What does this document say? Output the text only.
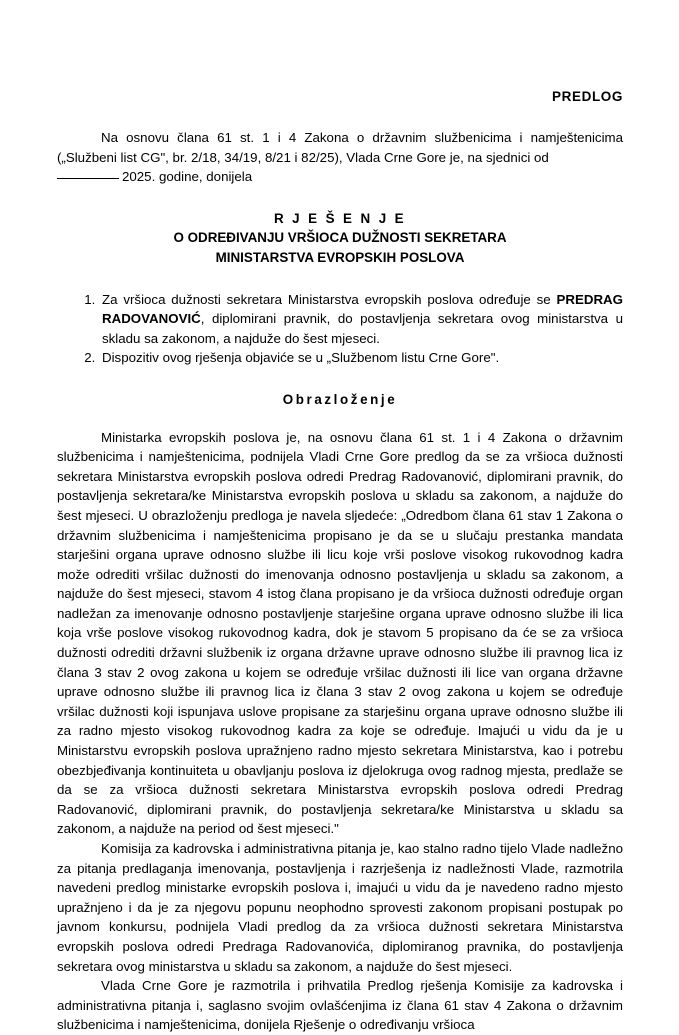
PREDLOG

Na osnovu člana 61 st. 1 i 4 Zakona o državnim službenicima i namještenicima („Službeni list CG", br. 2/18, 34/19, 8/21 i 82/25), Vlada Crne Gore je, na sjednici od
2025. godine, donijela

R J E Š E N J E
O ODREĐIVANJU VRŠIOCA DUŽNOSTI SEKRETARA
MINISTARSTVA EVROPSKIH POSLOVA
1. Za vršioca dužnosti sekretara Ministarstva evropskih poslova određuje se PREDRAG RADOVANOVIĆ, diplomirani pravnik, do postavljenja sekretara ovog ministarstva u skladu sa zakonom, a najduže do šest mjeseci.
2. Dispozitiv ovog rješenja objaviće se u „Službenom listu Crne Gore".
Obrazloženje

Ministarka evropskih poslova je, na osnovu člana 61 st. 1 i 4 Zakona o državnim službenicima i namještenicima, podnijela Vladi Crne Gore predlog da se za vršioca dužnosti sekretara Ministarstva evropskih poslova odredi Predrag Radovanović, diplomirani pravnik, do postavljenja sekretara/ke Ministarstva evropskih poslova u skladu sa zakonom, a najduže do šest mjeseci. U obrazloženju predloga je navela sljedeće: „Odredbom člana 61 stav 1 Zakona o državnim službenicima i namještenicima propisano je da se u slučaju prestanka mandata starješini organa uprave odnosno službe ili licu koje vrši poslove visokog rukovodnog kadra može odrediti vršilac dužnosti do imenovanja odnosno postavljenja u skladu sa zakonom, a najduže do šest mjeseci, stavom 4 istog člana propisano je da vršioca dužnosti određuje organ nadležan za imenovanje odnosno postavljenje starješine organa uprave odnosno službe ili lica koja vrše poslove visokog rukovodnog kadra, dok je stavom 5 propisano da će se za vršioca dužnosti odrediti državni službenik iz organa državne uprave odnosno službe ili pravnog lica iz člana 3 stav 2 ovog zakona u kojem se određuje vršilac dužnosti ili lice van organa državne uprave odnosno službe ili pravnog lica iz člana 3 stav 2 ovog zakona u kojem se određuje vršilac dužnosti koji ispunjava uslove propisane za starješinu organa uprave odnosno službe ili za radno mjesto visokog rukovodnog kadra za koje se određuje. Imajući u vidu da je u Ministarstvu evropskih poslova upražnjeno radno mjesto sekretara Ministarstva, kao i potrebu obezbjeđivanja kontinuiteta u obavljanju poslova iz djelokruga ovog radnog mjesta, predlaže se da se za vršioca dužnosti sekretara Ministarstva evropskih poslova odredi Predrag Radovanović, diplomirani pravnik, do postavljenja sekretara/ke Ministarstva u skladu sa zakonom, a najduže na period od šest mjeseci."

Komisija za kadrovska i administrativna pitanja je, kao stalno radno tijelo Vlade nadležno za pitanja predlaganja imenovanja, postavljenja i razrješenja iz nadležnosti Vlade, razmotrila navedeni predlog ministarke evropskih poslova i, imajući u vidu da je navedeno radno mjesto upražnjeno i da je za njegovu popunu neophodno sprovesti zakonom propisani postupak po javnom konkursu, podnijela Vladi predlog da za vršioca dužnosti sekretara Ministarstva evropskih poslova odredi Predraga Radovanovića, diplomiranog pravnika, do postavljenja sekretara ovog ministarstva u skladu sa zakonom, a najduže do šest mjeseci.

Vlada Crne Gore je razmotrila i prihvatila Predlog rješenja Komisije za kadrovska i administrativna pitanja i, saglasno svojim ovlašćenjima iz člana 61 stav 4 Zakona o državnim službenicima i namještenicima, donijela Rješenje o određivanju vršioca
